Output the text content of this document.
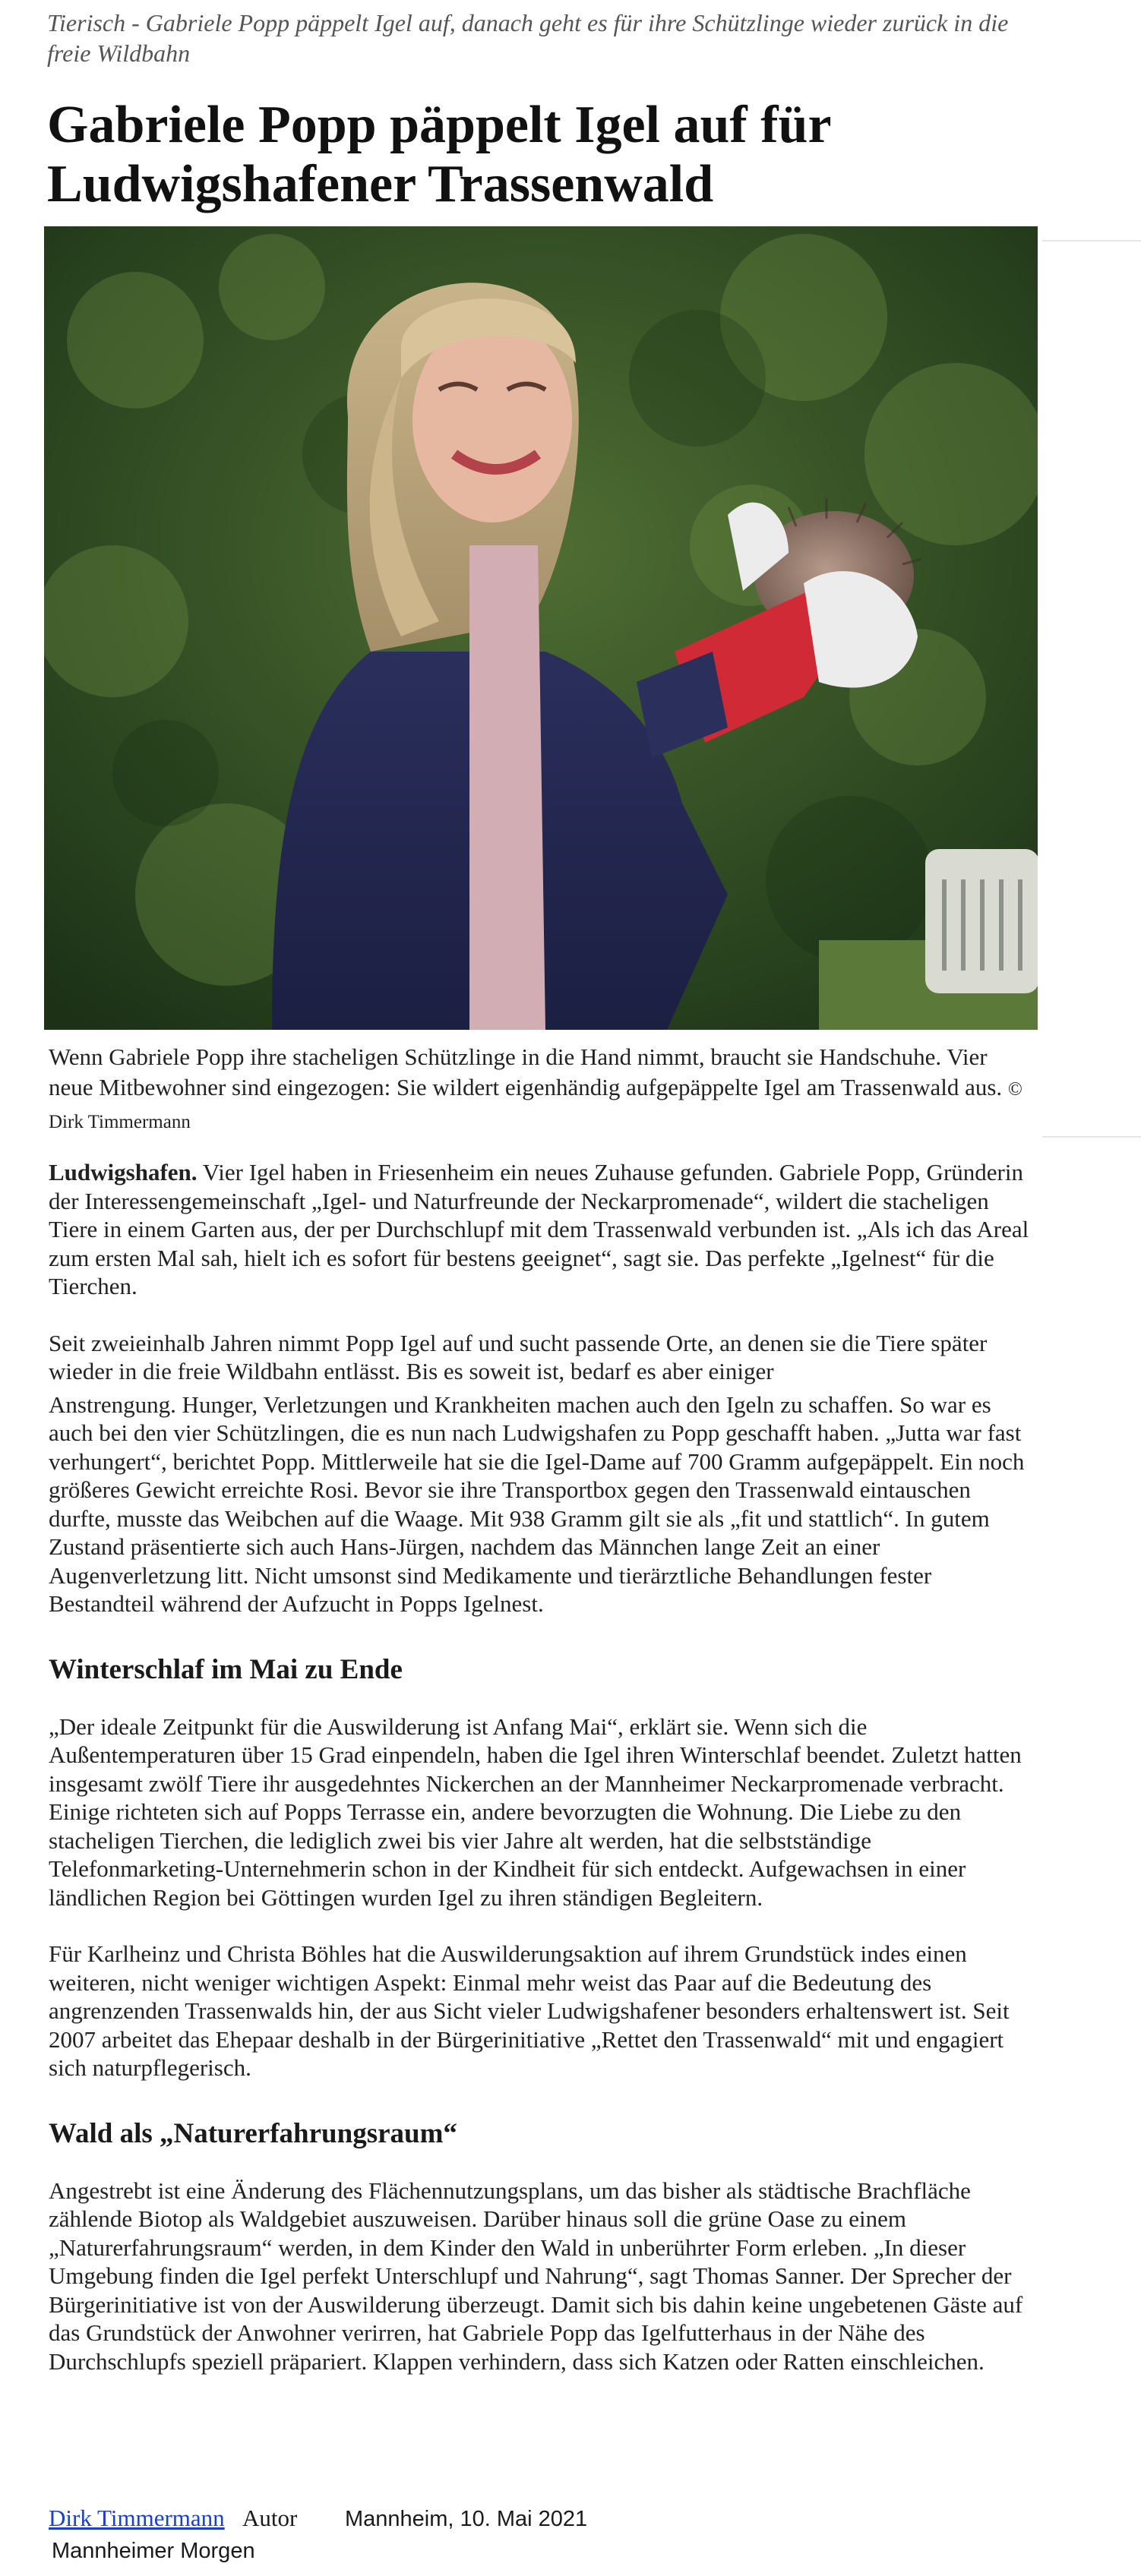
Tierisch - Gabriele Popp päppelt Igel auf, danach geht es für ihre Schützlinge wieder zurück in die freie Wildbahn
Gabriele Popp päppelt Igel auf für Ludwigshafener Trassenwald
Wenn Gabriele Popp ihre stacheligen Schützlinge in die Hand nimmt, braucht sie Handschuhe. Vier neue Mitbewohner sind eingezogen: Sie wildert eigenhändig aufgepäppelte Igel am Trassenwald aus. © Dirk Timmermann

Ludwigshafen. Vier Igel haben in Friesenheim ein neues Zuhause gefunden. Gabriele Popp, Gründerin der Interessengemeinschaft „Igel- und Naturfreunde der Neckarpromenade“, wildert die stacheligen Tiere in einem Garten aus, der per Durchschlupf mit dem Trassenwald verbunden ist. „Als ich das Areal zum ersten Mal sah, hielt ich es sofort für bestens geeignet“, sagt sie. Das perfekte „Igelnest“ für die Tierchen.

Seit zweieinhalb Jahren nimmt Popp Igel auf und sucht passende Orte, an denen sie die Tiere später wieder in die freie Wildbahn entlässt. Bis es soweit ist, bedarf es aber einiger

Anstrengung. Hunger, Verletzungen und Krankheiten machen auch den Igeln zu schaffen. So war es auch bei den vier Schützlingen, die es nun nach Ludwigshafen zu Popp geschafft haben. „Jutta war fast verhungert“, berichtet Popp. Mittlerweile hat sie die Igel-Dame auf 700 Gramm aufgepäppelt. Ein noch größeres Gewicht erreichte Rosi. Bevor sie ihre Transportbox gegen den Trassenwald eintauschen durfte, musste das Weibchen auf die Waage. Mit 938 Gramm gilt sie als „fit und stattlich“. In gutem Zustand präsentierte sich auch Hans-Jürgen, nachdem das Männchen lange Zeit an einer Augenverletzung litt. Nicht umsonst sind Medikamente und tierärztliche Behandlungen fester Bestandteil während der Aufzucht in Popps Igelnest.

Winterschlaf im Mai zu Ende

„Der ideale Zeitpunkt für die Auswilderung ist Anfang Mai“, erklärt sie. Wenn sich die Außentemperaturen über 15 Grad einpendeln, haben die Igel ihren Winterschlaf beendet. Zuletzt hatten insgesamt zwölf Tiere ihr ausgedehntes Nickerchen an der Mannheimer Neckarpromenade verbracht. Einige richteten sich auf Popps Terrasse ein, andere bevorzugten die Wohnung. Die Liebe zu den stacheligen Tierchen, die lediglich zwei bis vier Jahre alt werden, hat die selbstständige Telefonmarketing-Unternehmerin schon in der Kindheit für sich entdeckt. Aufgewachsen in einer ländlichen Region bei Göttingen wurden Igel zu ihren ständigen Begleitern.

Für Karlheinz und Christa Böhles hat die Auswilderungsaktion auf ihrem Grundstück indes einen weiteren, nicht weniger wichtigen Aspekt: Einmal mehr weist das Paar auf die Bedeutung des angrenzenden Trassenwalds hin, der aus Sicht vieler Ludwigshafener besonders erhaltenswert ist. Seit 2007 arbeitet das Ehepaar deshalb in der Bürgerinitiative „Rettet den Trassenwald“ mit und engagiert sich naturpflegerisch.

Wald als „Naturerfahrungsraum“

Angestrebt ist eine Änderung des Flächennutzungsplans, um das bisher als städtische Brachfläche zählende Biotop als Waldgebiet auszuweisen. Darüber hinaus soll die grüne Oase zu einem „Naturerfahrungsraum“ werden, in dem Kinder den Wald in unberührter Form erleben. „In dieser Umgebung finden die Igel perfekt Unterschlupf und Nahrung“, sagt Thomas Sanner. Der Sprecher der Bürgerinitiative ist von der Auswilderung überzeugt. Damit sich bis dahin keine ungebetenen Gäste auf das Grundstück der Anwohner verirren, hat Gabriele Popp das Igelfutterhaus in der Nähe des Durchschlupfs speziell präpariert. Klappen verhindern, dass sich Katzen oder Ratten einschleichen.

Dirk Timmermann Autor Mannheim, 10. Mai 2021
Mannheimer Morgen
